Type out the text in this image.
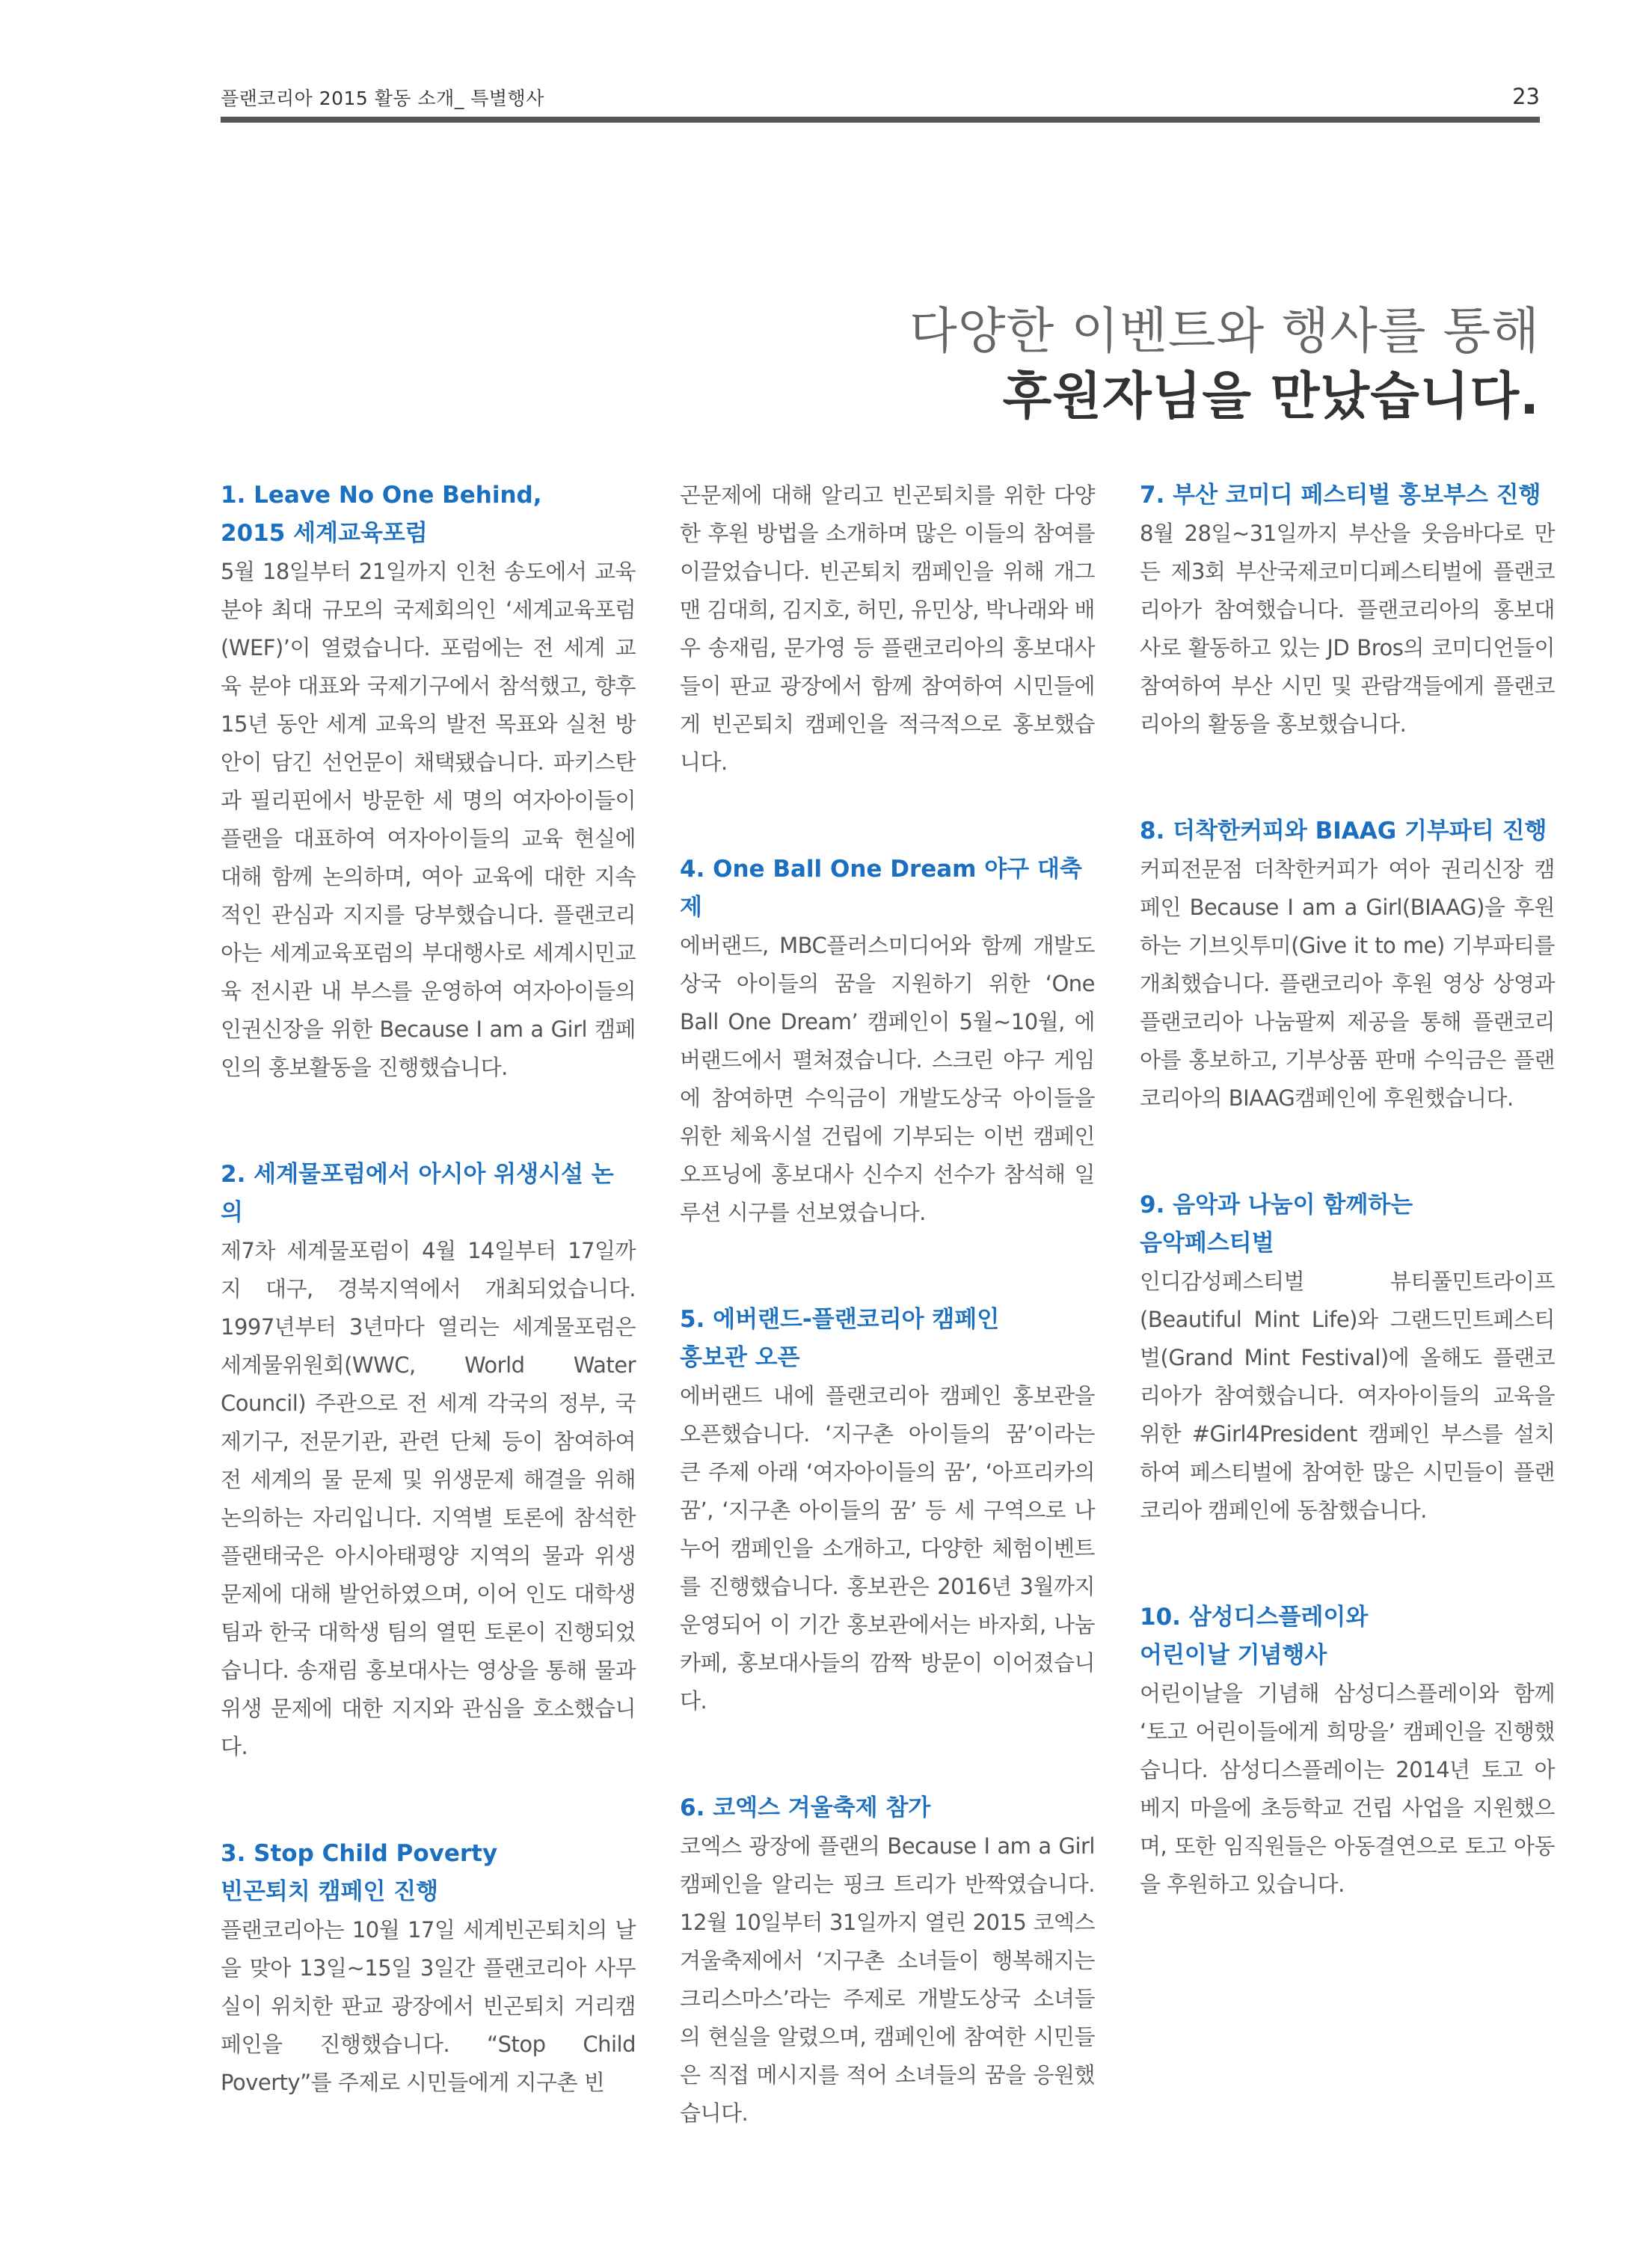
플랜코리아 2015 활동 소개_ 특별행사	23
다양한 이벤트와 행사를 통해
후원자님을 만났습니다.
1. Leave No One Behind,
2015 세계교육포럼

5월 18일부터 21일까지 인천 송도에서 교육 분야 최대 규모의 국제회의인 ‘세계교육포럼(WEF)’이 열렸습니다. 포럼에는 전 세계 교육 분야 대표와 국제기구에서 참석했고, 향후 15년 동안 세계 교육의 발전 목표와 실천 방안이 담긴 선언문이 채택됐습니다. 파키스탄과 필리핀에서 방문한 세 명의 여자아이들이 플랜을 대표하여 여자아이들의 교육 현실에 대해 함께 논의하며, 여아 교육에 대한 지속적인 관심과 지지를 당부했습니다. 플랜코리아는 세계교육포럼의 부대행사로 세계시민교육 전시관 내 부스를 운영하여 여자아이들의 인권신장을 위한 Because I am a Girl 캠페인의 홍보활동을 진행했습니다.

2. 세계물포럼에서 아시아 위생시설 논의

제7차 세계물포럼이 4월 14일부터 17일까지 대구, 경북지역에서 개최되었습니다. 1997년부터 3년마다 열리는 세계물포럼은 세계물위원회(WWC, World Water Council) 주관으로 전 세계 각국의 정부, 국제기구, 전문기관, 관련 단체 등이 참여하여 전 세계의 물 문제 및 위생문제 해결을 위해 논의하는 자리입니다. 지역별 토론에 참석한 플랜태국은 아시아태평양 지역의 물과 위생 문제에 대해 발언하였으며, 이어 인도 대학생 팀과 한국 대학생 팀의 열띤 토론이 진행되었습니다. 송재림 홍보대사는 영상을 통해 물과 위생 문제에 대한 지지와 관심을 호소했습니다.

3. Stop Child Poverty
빈곤퇴치 캠페인 진행

플랜코리아는 10월 17일 세계빈곤퇴치의 날을 맞아 13일~15일 3일간 플랜코리아 사무실이 위치한 판교 광장에서 빈곤퇴치 거리캠페인을 진행했습니다. “Stop Child Poverty”를 주제로 시민들에게 지구촌 빈

곤문제에 대해 알리고 빈곤퇴치를 위한 다양한 후원 방법을 소개하며 많은 이들의 참여를 이끌었습니다. 빈곤퇴치 캠페인을 위해 개그맨 김대희, 김지호, 허민, 유민상, 박나래와 배우 송재림, 문가영 등 플랜코리아의 홍보대사들이 판교 광장에서 함께 참여하여 시민들에게 빈곤퇴치 캠페인을 적극적으로 홍보했습니다.

4. One Ball One Dream 야구 대축제

에버랜드, MBC플러스미디어와 함께 개발도상국 아이들의 꿈을 지원하기 위한 ‘One Ball One Dream’ 캠페인이 5월~10월, 에버랜드에서 펼쳐졌습니다. 스크린 야구 게임에 참여하면 수익금이 개발도상국 아이들을 위한 체육시설 건립에 기부되는 이번 캠페인 오프닝에 홍보대사 신수지 선수가 참석해 일루션 시구를 선보였습니다.

5. 에버랜드-플랜코리아 캠페인
홍보관 오픈

에버랜드 내에 플랜코리아 캠페인 홍보관을 오픈했습니다. ‘지구촌 아이들의 꿈’이라는 큰 주제 아래 ‘여자아이들의 꿈’, ‘아프리카의 꿈’, ‘지구촌 아이들의 꿈’ 등 세 구역으로 나누어 캠페인을 소개하고, 다양한 체험이벤트를 진행했습니다. 홍보관은 2016년 3월까지 운영되어 이 기간 홍보관에서는 바자회, 나눔카페, 홍보대사들의 깜짝 방문이 이어졌습니다.

6. 코엑스 겨울축제 참가

코엑스 광장에 플랜의 Because I am a Girl 캠페인을 알리는 핑크 트리가 반짝였습니다. 12월 10일부터 31일까지 열린 2015 코엑스 겨울축제에서 ‘지구촌 소녀들이 행복해지는 크리스마스’라는 주제로 개발도상국 소녀들의 현실을 알렸으며, 캠페인에 참여한 시민들은 직접 메시지를 적어 소녀들의 꿈을 응원했습니다.

7. 부산 코미디 페스티벌 홍보부스 진행

8월 28일~31일까지 부산을 웃음바다로 만든 제3회 부산국제코미디페스티벌에 플랜코리아가 참여했습니다. 플랜코리아의 홍보대사로 활동하고 있는 JD Bros의 코미디언들이 참여하여 부산 시민 및 관람객들에게 플랜코리아의 활동을 홍보했습니다.

8. 더착한커피와 BIAAG 기부파티 진행

커피전문점 더착한커피가 여아 권리신장 캠페인 Because I am a Girl(BIAAG)을 후원하는 기브잇투미(Give it to me) 기부파티를 개최했습니다. 플랜코리아 후원 영상 상영과 플랜코리아 나눔팔찌 제공을 통해 플랜코리아를 홍보하고, 기부상품 판매 수익금은 플랜코리아의 BIAAG캠페인에 후원했습니다.

9. 음악과 나눔이 함께하는
음악페스티벌

인디감성페스티벌 뷰티풀민트라이프(Beautiful Mint Life)와 그랜드민트페스티벌(Grand Mint Festival)에 올해도 플랜코리아가 참여했습니다. 여자아이들의 교육을 위한 #Girl4President 캠페인 부스를 설치하여 페스티벌에 참여한 많은 시민들이 플랜코리아 캠페인에 동참했습니다.

10. 삼성디스플레이와
어린이날 기념행사

어린이날을 기념해 삼성디스플레이와 함께 ‘토고 어린이들에게 희망을’ 캠페인을 진행했습니다. 삼성디스플레이는 2014년 토고 아베지 마을에 초등학교 건립 사업을 지원했으며, 또한 임직원들은 아동결연으로 토고 아동을 후원하고 있습니다.
